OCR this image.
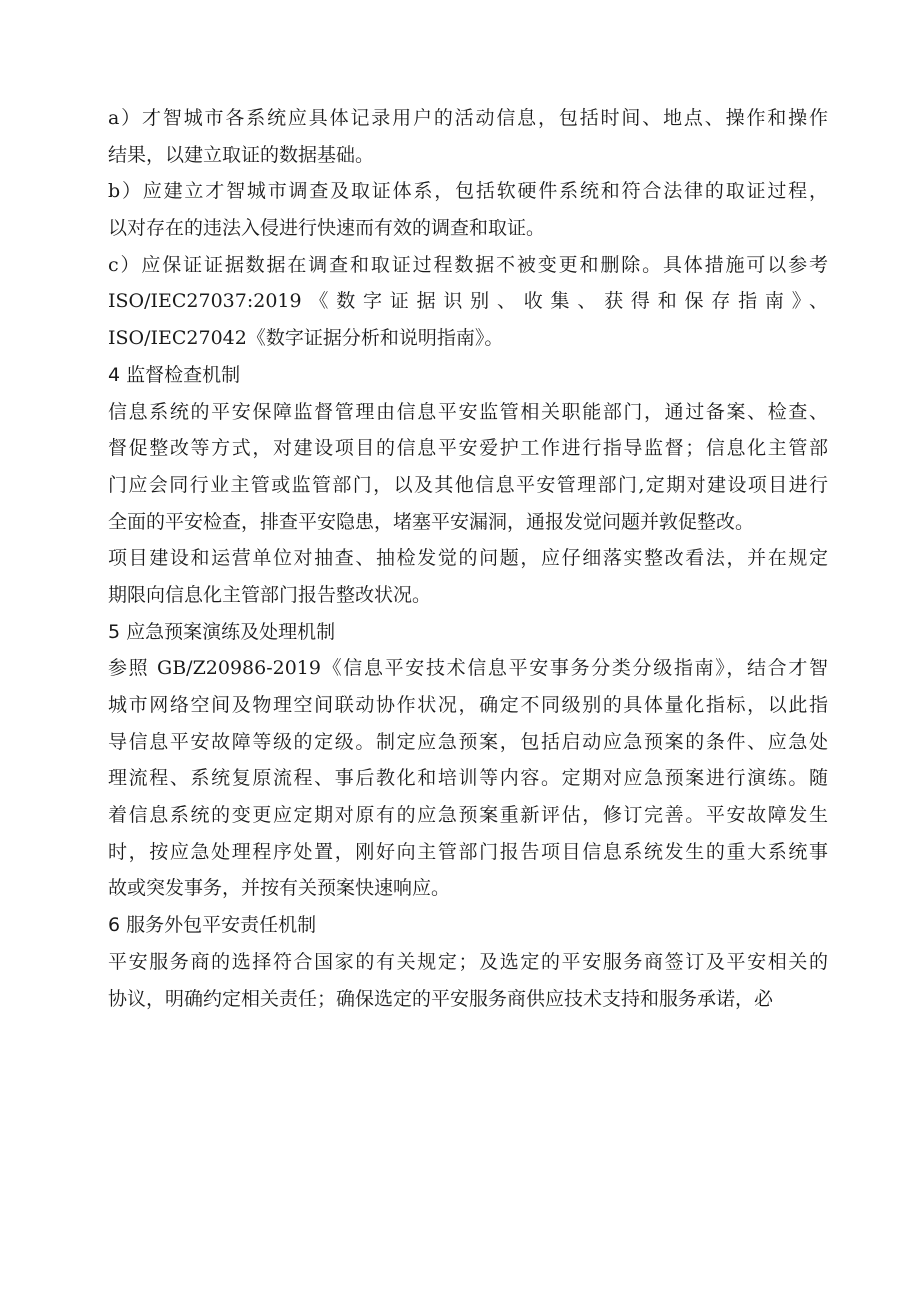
a）才智城市各系统应具体记录用户的活动信息，包括时间、地点、操作和操作
结果，以建立取证的数据基础。
b）应建立才智城市调查及取证体系，包括软硬件系统和符合法律的取证过程，
以对存在的违法入侵进行快速而有效的调查和取证。
c）应保证证据数据在调查和取证过程数据不被变更和删除。具体措施可以参考
ISO/IEC27037:2019《数字证据识别、收集、获得和保存指南》、
ISO/IEC27042《数字证据分析和说明指南》。
4 监督检查机制
信息系统的平安保障监督管理由信息平安监管相关职能部门，通过备案、检查、
督促整改等方式，对建设项目的信息平安爱护工作进行指导监督；信息化主管部
门应会同行业主管或监管部门，以及其他信息平安管理部门,定期对建设项目进行
全面的平安检查，排查平安隐患，堵塞平安漏洞，通报发觉问题并敦促整改。
项目建设和运营单位对抽查、抽检发觉的问题，应仔细落实整改看法，并在规定
期限向信息化主管部门报告整改状况。
5 应急预案演练及处理机制
参照 GB/Z20986-2019《信息平安技术信息平安事务分类分级指南》，结合才智
城市网络空间及物理空间联动协作状况，确定不同级别的具体量化指标，以此指
导信息平安故障等级的定级。制定应急预案，包括启动应急预案的条件、应急处
理流程、系统复原流程、事后教化和培训等内容。定期对应急预案进行演练。随
着信息系统的变更应定期对原有的应急预案重新评估，修订完善。平安故障发生
时，按应急处理程序处置，刚好向主管部门报告项目信息系统发生的重大系统事
故或突发事务，并按有关预案快速响应。
6 服务外包平安责任机制
平安服务商的选择符合国家的有关规定；及选定的平安服务商签订及平安相关的
协议，明确约定相关责任；确保选定的平安服务商供应技术支持和服务承诺，必
